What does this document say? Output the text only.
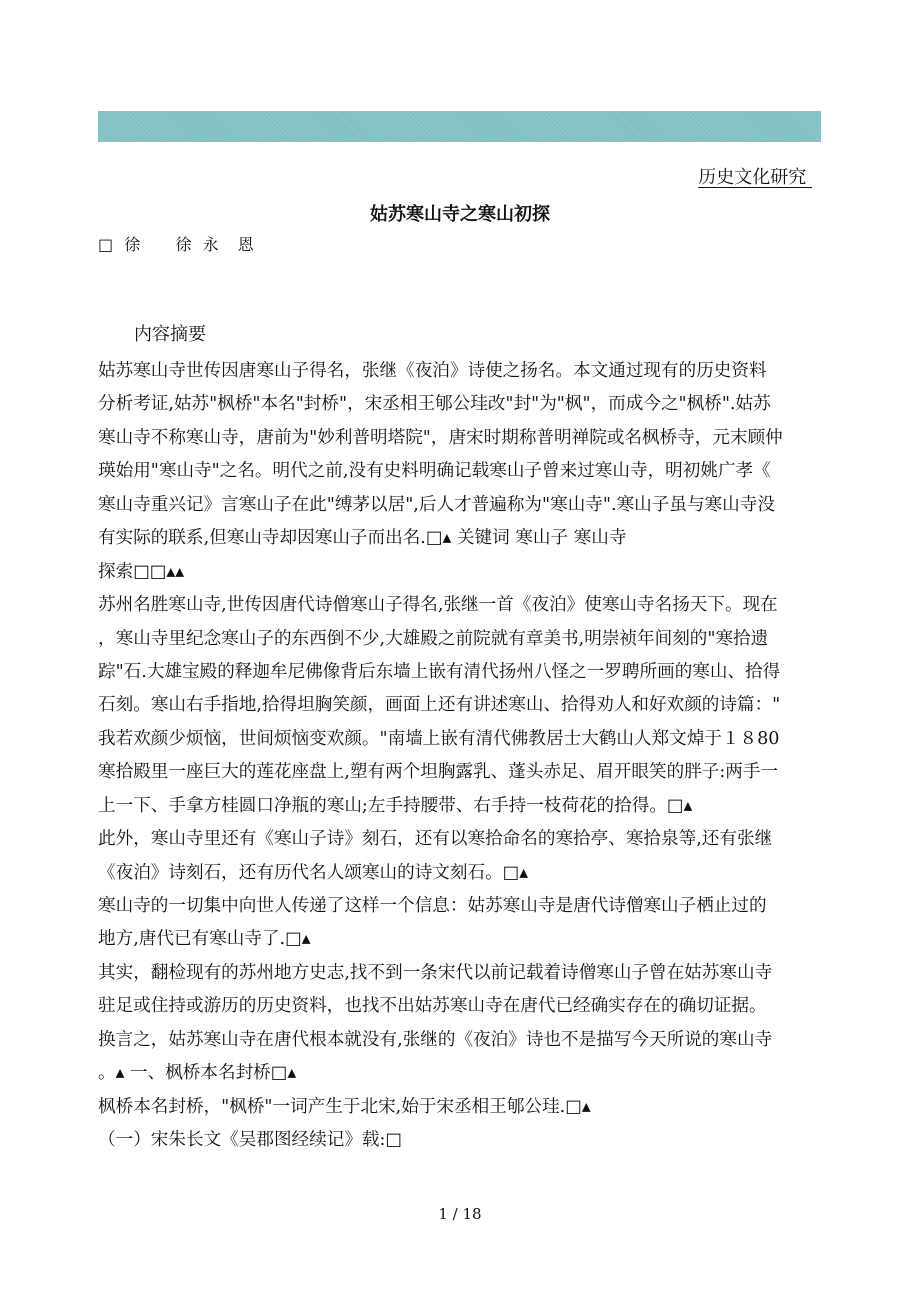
历史文化研究
姑苏寒山寺之寒山初探
□ 徐    徐 永  恩
内容摘要
姑苏寒山寺世传因唐寒山子得名，张继《夜泊》诗使之扬名。本文通过现有的历史资料
分析考证,姑苏"枫桥"本名"封桥"，宋丞相王郇公珪改"封"为"枫"，而成今之"枫桥".姑苏
寒山寺不称寒山寺，唐前为"妙利普明塔院"，唐宋时期称普明禅院或名枫桥寺，元末顾仲
瑛始用"寒山寺"之名。明代之前,没有史料明确记载寒山子曾来过寒山寺，明初姚广孝《
寒山寺重兴记》言寒山子在此"缚茅以居",后人才普遍称为"寒山寺".寒山子虽与寒山寺没
有实际的联系,但寒山寺却因寒山子而出名.□▴ 关键词 寒山子 寒山寺
探索□□▴▴
苏州名胜寒山寺,世传因唐代诗僧寒山子得名,张继一首《夜泊》使寒山寺名扬天下。现在
，寒山寺里纪念寒山子的东西倒不少,大雄殿之前院就有章美书,明崇祯年间刻的"寒拾遗
踪"石.大雄宝殿的释迦牟尼佛像背后东墙上嵌有清代扬州八怪之一罗聘所画的寒山、拾得
石刻。寒山右手指地,拾得坦胸笑颜，画面上还有讲述寒山、拾得劝人和好欢颜的诗篇："
我若欢颜少烦恼，世间烦恼变欢颜。"南墙上嵌有清代佛教居士大鹤山人郑文焯于１８80
寒拾殿里一座巨大的莲花座盘上,塑有两个坦胸露乳、蓬头赤足、眉开眼笑的胖子:两手一
上一下、手拿方桂圆口净瓶的寒山;左手持腰带、右手持一枝荷花的拾得。□▴
此外，寒山寺里还有《寒山子诗》刻石，还有以寒拾命名的寒拾亭、寒拾泉等,还有张继
《夜泊》诗刻石，还有历代名人颂寒山的诗文刻石。□▴
寒山寺的一切集中向世人传递了这样一个信息：姑苏寒山寺是唐代诗僧寒山子栖止过的
地方,唐代已有寒山寺了.□▴
其实，翻检现有的苏州地方史志,找不到一条宋代以前记载着诗僧寒山子曾在姑苏寒山寺
驻足或住持或游历的历史资料，也找不出姑苏寒山寺在唐代已经确实存在的确切证据。
换言之，姑苏寒山寺在唐代根本就没有,张继的《夜泊》诗也不是描写今天所说的寒山寺
。▴ 一、枫桥本名封桥□▴
枫桥本名封桥，"枫桥"一词产生于北宋,始于宋丞相王郇公珪.□▴
（一）宋朱长文《吴郡图经续记》载:□
1 / 18
